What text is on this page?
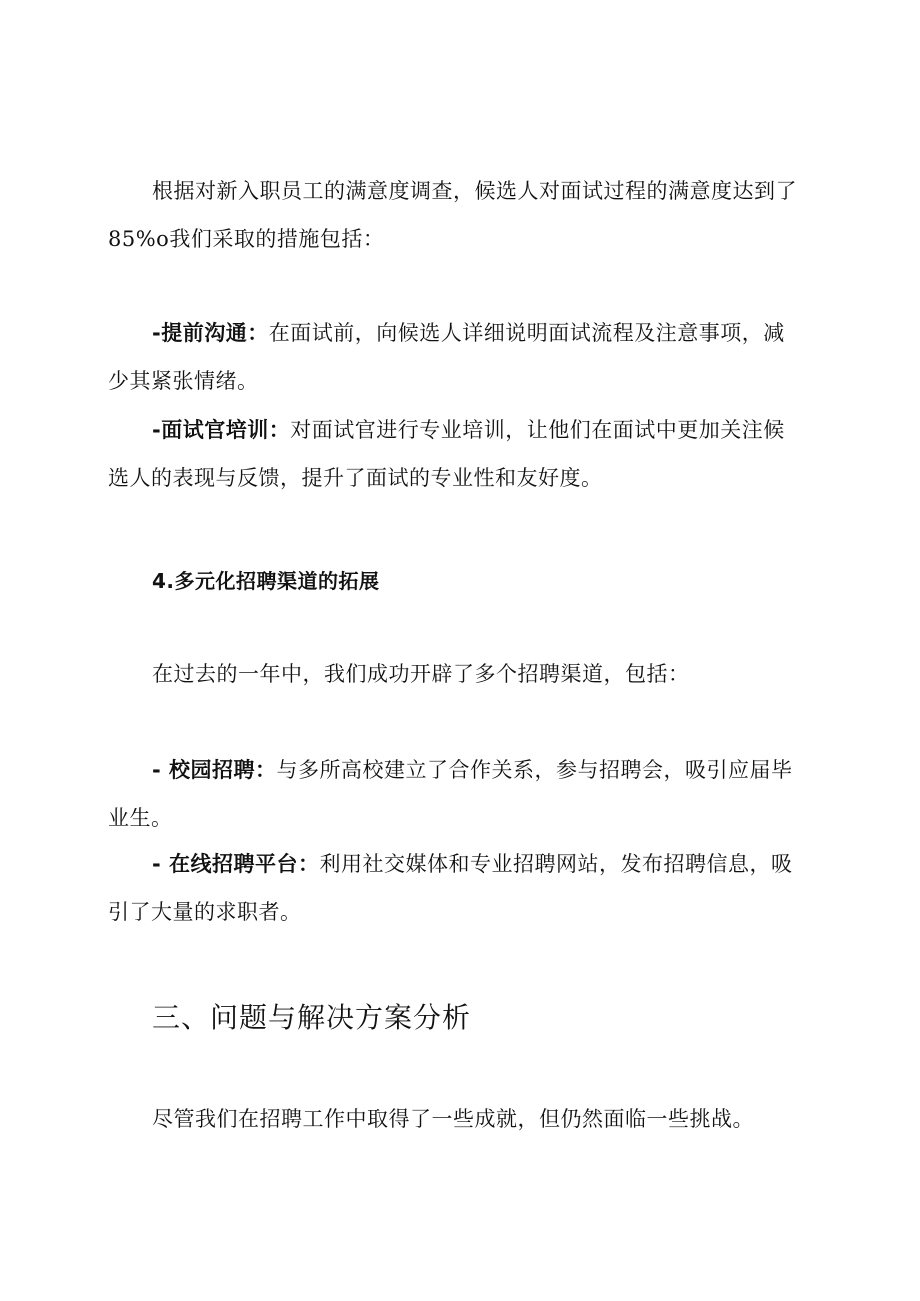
根据对新入职员工的满意度调查，候选人对面试过程的满意度达到了
85%o我们采取的措施包括：
-提前沟通：在面试前，向候选人详细说明面试流程及注意事项，减
少其紧张情绪。
-面试官培训：对面试官进行专业培训，让他们在面试中更加关注候
选人的表现与反馈，提升了面试的专业性和友好度。
4.多元化招聘渠道的拓展
在过去的一年中，我们成功开辟了多个招聘渠道，包括：
- 校园招聘：与多所高校建立了合作关系，参与招聘会，吸引应届毕
业生。
- 在线招聘平台：利用社交媒体和专业招聘网站，发布招聘信息，吸
引了大量的求职者。
三、问题与解决方案分析
尽管我们在招聘工作中取得了一些成就，但仍然面临一些挑战。
